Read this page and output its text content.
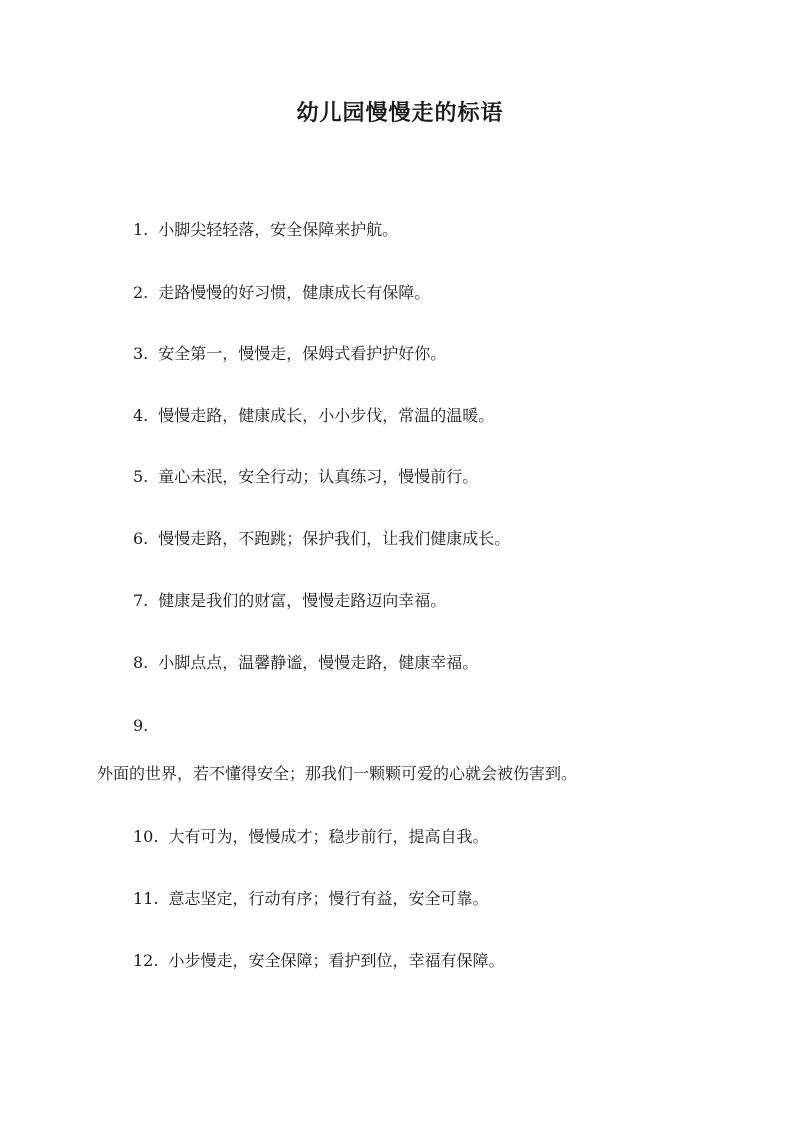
幼儿园慢慢走的标语
1. 小脚尖轻轻落，安全保障来护航。
2. 走路慢慢的好习惯，健康成长有保障。
3. 安全第一，慢慢走，保姆式看护护好你。
4. 慢慢走路，健康成长，小小步伐，常温的温暖。
5. 童心未泯，安全行动；认真练习，慢慢前行。
6. 慢慢走路，不跑跳；保护我们，让我们健康成长。
7. 健康是我们的财富，慢慢走路迈向幸福。
8. 小脚点点，温馨静谧，慢慢走路，健康幸福。
9.
外面的世界，若不懂得安全；那我们一颗颗可爱的心就会被伤害到。
10. 大有可为，慢慢成才；稳步前行，提高自我。
11. 意志坚定，行动有序；慢行有益，安全可靠。
12. 小步慢走，安全保障；看护到位，幸福有保障。
